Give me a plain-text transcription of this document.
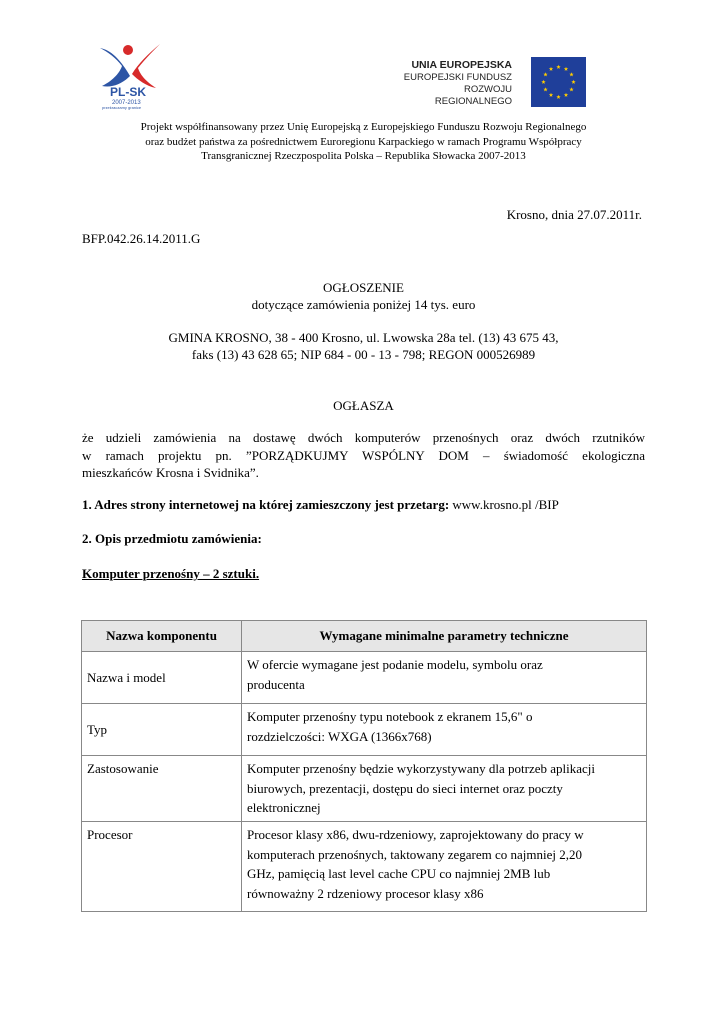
PL-SK
2007-2013
przekraczamy granice
UNIA EUROPEJSKA
EUROPEJSKI FUNDUSZ
ROZWOJU REGIONALNEGO
Projekt współfinansowany przez Unię Europejską z Europejskiego Funduszu Rozwoju Regionalnego
oraz budżet państwa za pośrednictwem Euroregionu Karpackiego w ramach Programu Współpracy
Transgranicznej Rzeczpospolita Polska – Republika Słowacka 2007-2013
Krosno, dnia 27.07.2011r.
BFP.042.26.14.2011.G
OGŁOSZENIE
dotyczące zamówienia poniżej 14 tys. euro
GMINA KROSNO, 38 - 400 Krosno, ul. Lwowska 28a tel. (13) 43 675 43,
faks (13) 43 628 65; NIP 684 - 00 - 13 - 798; REGON 000526989
OGŁASZA
że udzieli zamówienia na dostawę dwóch komputerów przenośnych oraz dwóch rzutników
w ramach projektu pn. ”PORZĄDKUJMY WSPÓLNY DOM – świadomość ekologiczna
mieszkańców Krosna i Svidnika”.
1. Adres strony internetowej na której zamieszczony jest przetarg: www.krosno.pl /BIP
2. Opis przedmiotu zamówienia:
Komputer przenośny – 2 sztuki.
Nazwa komponentu	Wymagane minimalne parametry techniczne
Nazwa i model	W ofercie wymagane jest podanie modelu, symbolu oraz
producenta

Typ	Komputer przenośny typu notebook z ekranem 15,6" o
rozdzielczości: WXGA (1366x768)

Zastosowanie	Komputer przenośny będzie wykorzystywany dla potrzeb aplikacji
biurowych, prezentacji, dostępu do sieci internet oraz poczty
elektronicznej

Procesor	Procesor klasy x86, dwu-rdzeniowy, zaprojektowany do pracy w
komputerach przenośnych, taktowany zegarem co najmniej 2,20
GHz, pamięcią last level cache CPU co najmniej 2MB lub
równoważny 2 rdzeniowy procesor klasy x86
